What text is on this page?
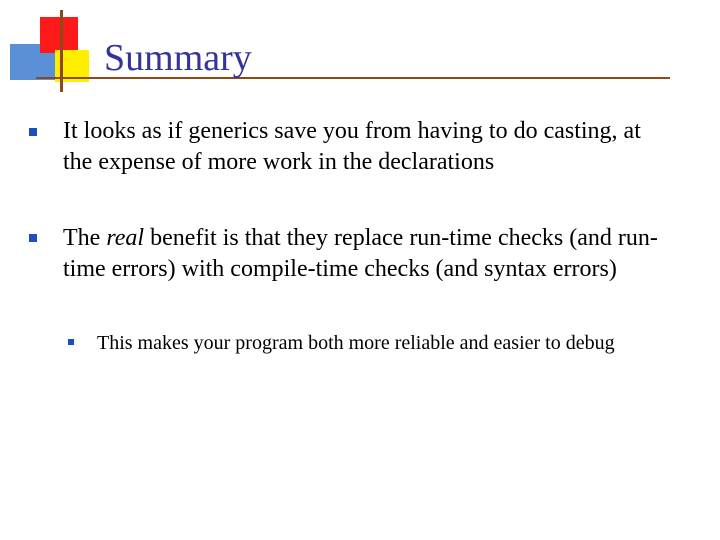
Summary
It looks as if generics save you from having to do casting, at the expense of more work in the declarations
The real benefit is that they replace run-time checks (and run-time errors) with compile-time checks (and syntax errors)
This makes your program both more reliable and easier to debug
